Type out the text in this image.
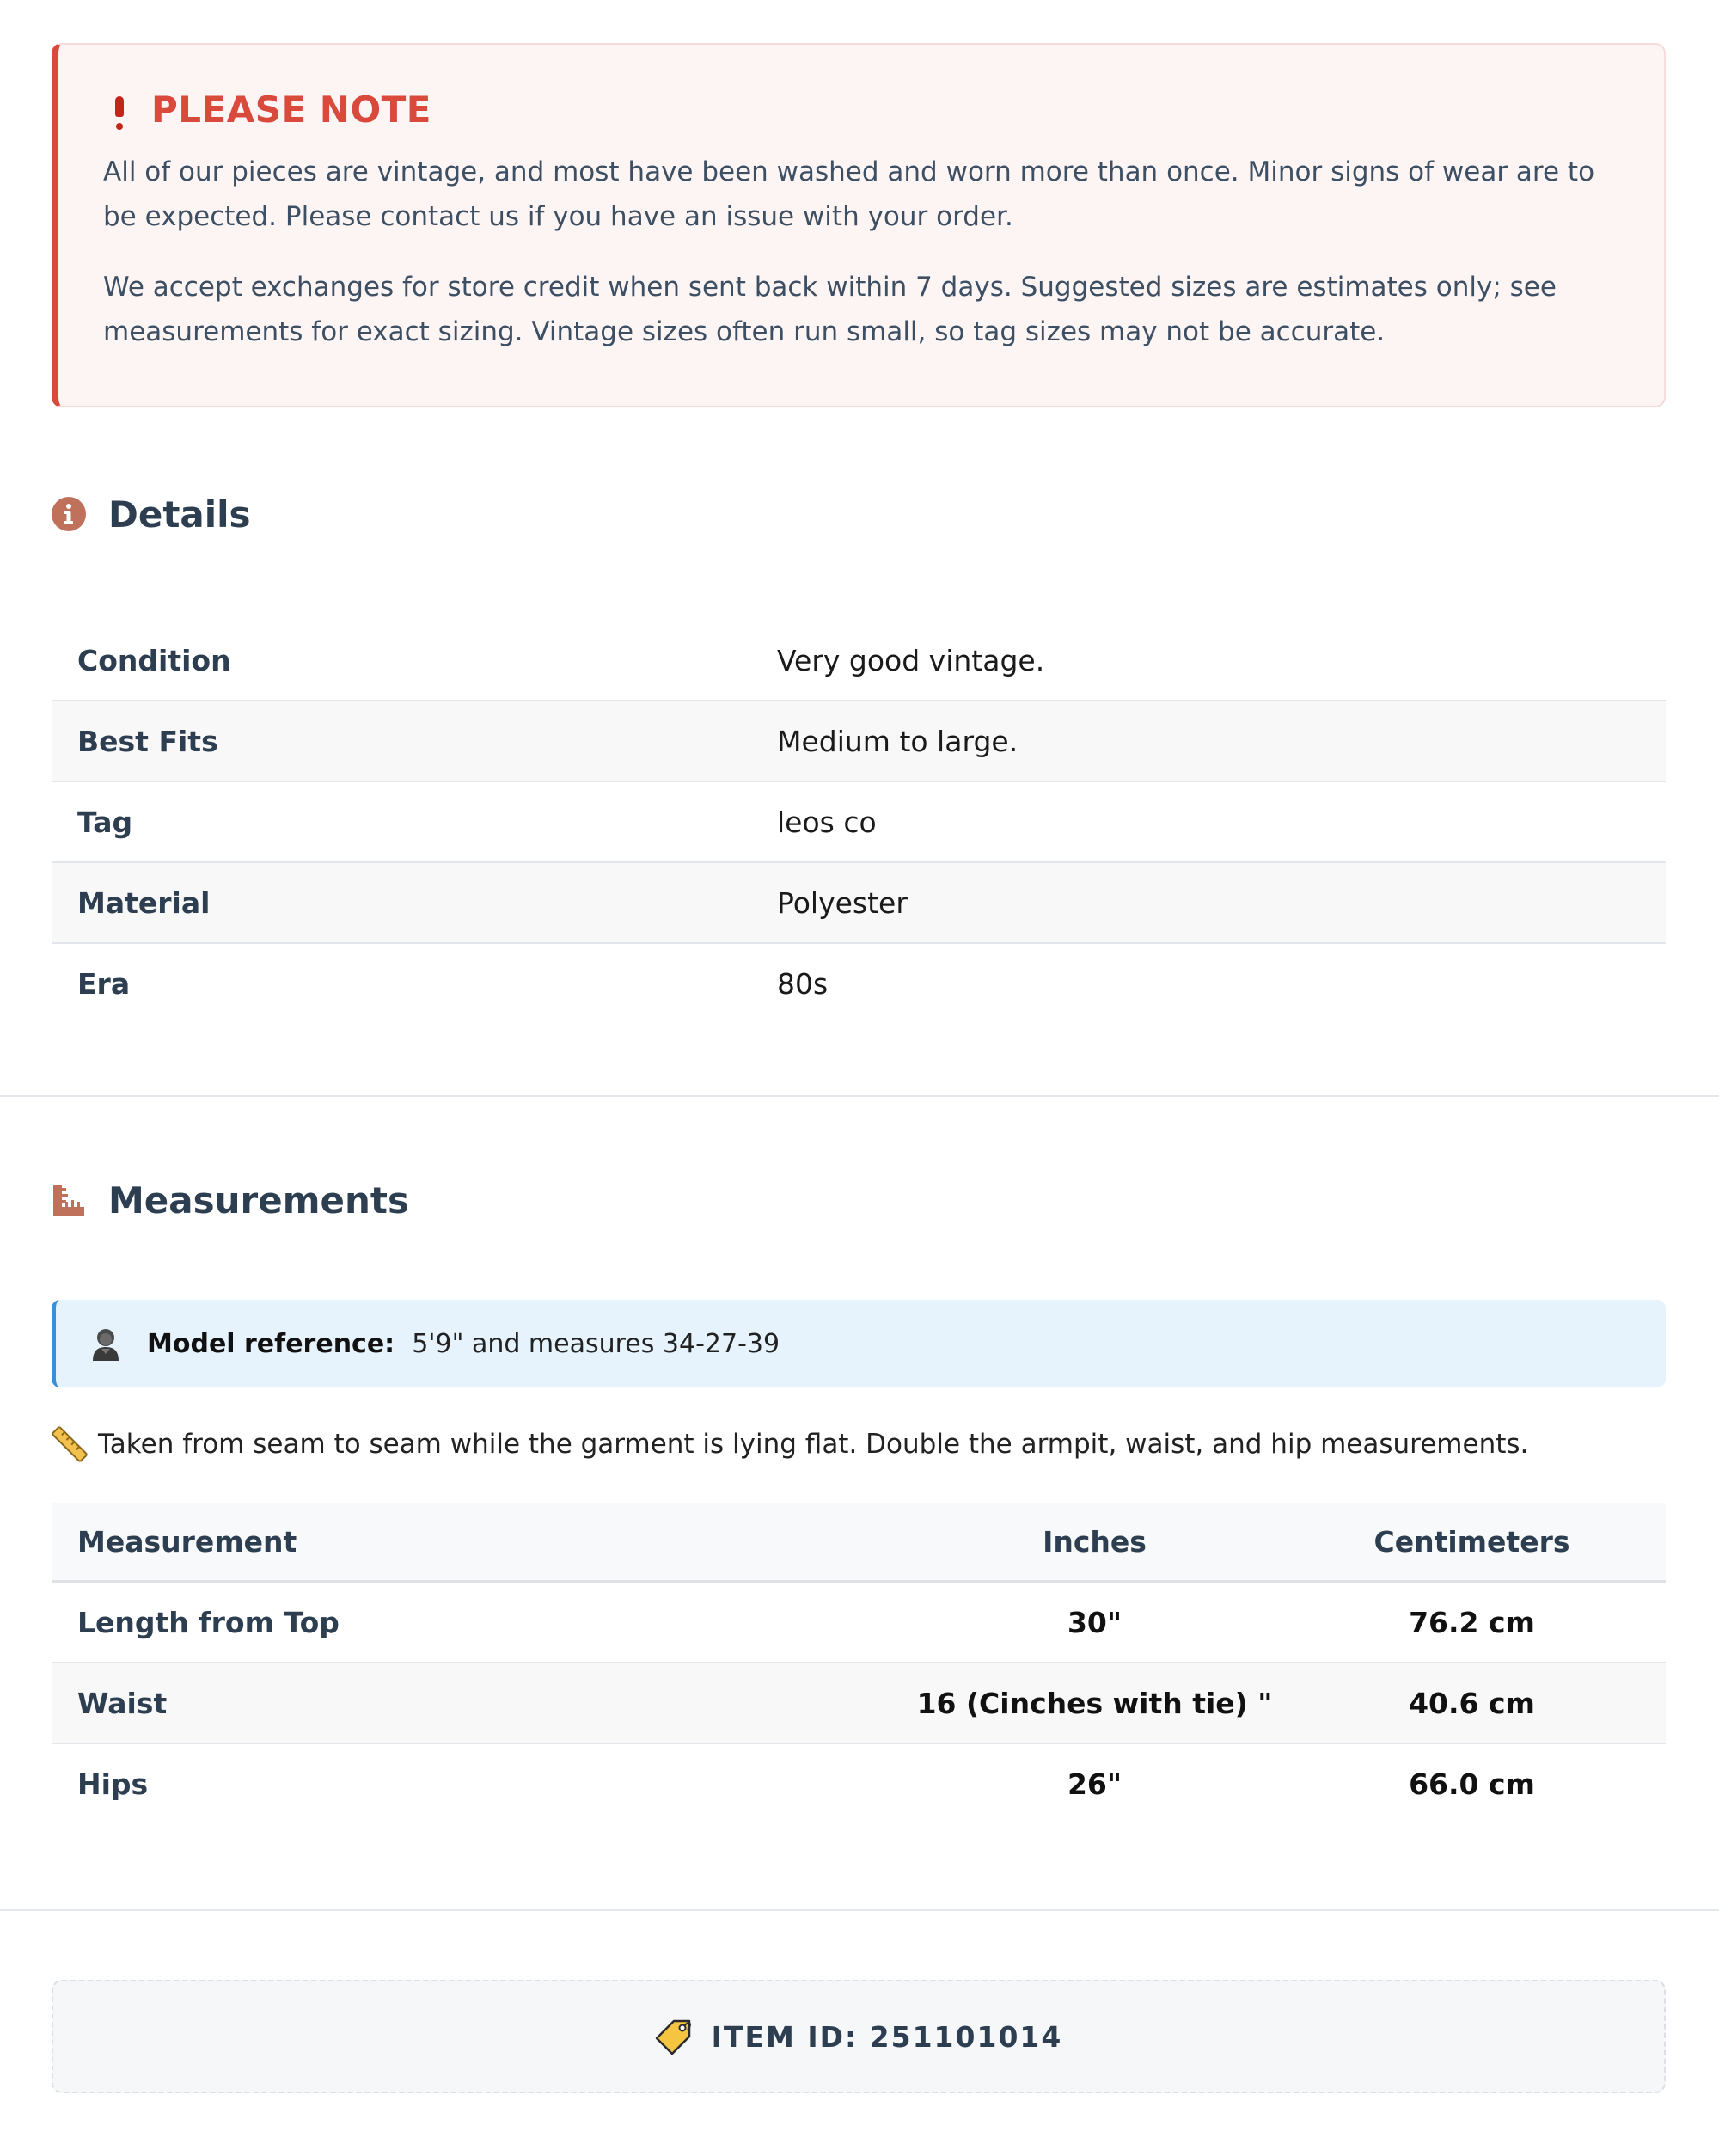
PLEASE NOTE

All of our pieces are vintage, and most have been washed and worn more than once. Minor signs of wear are to be expected. Please contact us if you have an issue with your order.

We accept exchanges for store credit when sent back within 7 days. Suggested sizes are estimates only; see measurements for exact sizing. Vintage sizes often run small, so tag sizes may not be accurate.

Details
Condition	Very good vintage.
Best Fits	Medium to large.
Tag	leos co
Material	Polyester
Era	80s
Measurements
Model reference: 5'9" and measures 34-27-39
Taken from seam to seam while the garment is lying flat. Double the armpit, waist, and hip measurements.
Measurement	Inches	Centimeters
Length from Top	30"	76.2 cm
Waist	16 (Cinches with tie) "	40.6 cm
Hips	26"	66.0 cm
ITEM ID: 251101014
